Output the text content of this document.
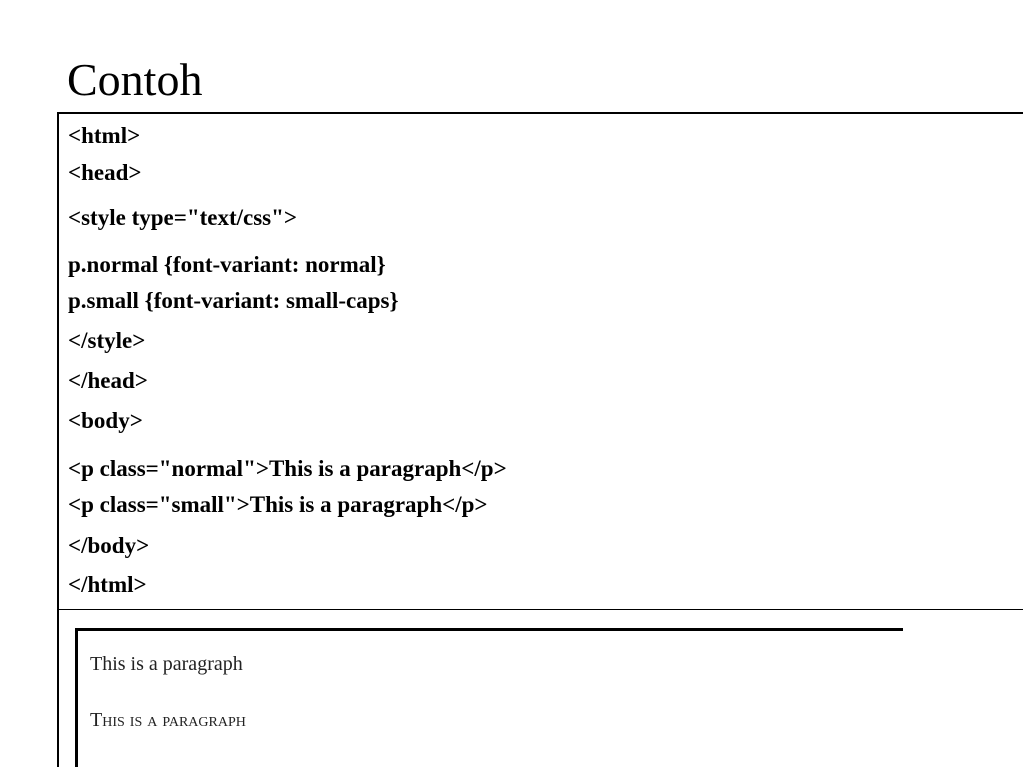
Contoh
<html>
<head>
<style type="text/css">
p.normal {font-variant: normal}
p.small {font-variant: small-caps}
</style>
</head>
<body>
<p class="normal">This is a paragraph</p>
<p class="small">This is a paragraph</p>
</body>
</html>
This is a paragraph
This is a paragraph
